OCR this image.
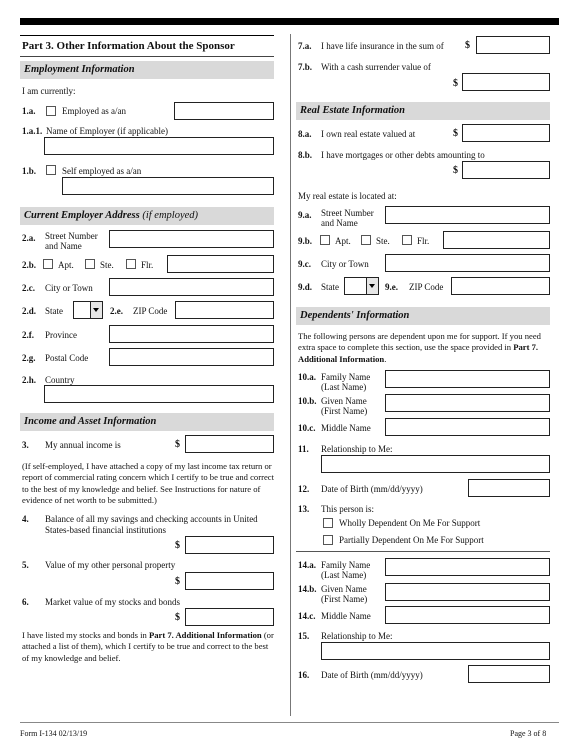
Part 3. Other Information About the Sponsor
Employment Information
I am currently:
1.a.	Employed as a/an
1.a.1. Name of Employer (if applicable)
1.b.	Self employed as a/an
Current Employer Address (if employed)
2.a. Street Number and Name
2.b. Apt.	Ste.	Flr.
2.c. City or Town
2.d. State	2.e. ZIP Code
2.f. Province
2.g. Postal Code
2.h. Country
Income and Asset Information
3. My annual income is	$
(If self-employed, I have attached a copy of my last income tax return or report of commercial rating concern which I certify to be true and correct to the best of my knowledge and belief. See Instructions for nature of evidence of net worth to be submitted.)
4. Balance of all my savings and checking accounts in United States-based financial institutions
$
5. Value of my other personal property
$
6. Market value of my stocks and bonds
$
I have listed my stocks and bonds in Part 7. Additional Information (or attached a list of them), which I certify to be true and correct to the best of my knowledge and belief.
7.a. I have life insurance in the sum of $
7.b. With a cash surrender value of
$
Real Estate Information
8.a. I own real estate valued at	$
8.b. I have mortgages or other debts amounting to
$
My real estate is located at:
9.a. Street Number and Name
9.b.	Apt.	Ste.	Flr.
9.c. City or Town
9.d. State	9.e. ZIP Code
Dependents' Information
The following persons are dependent upon me for support. If you need extra space to complete this section, use the space provided in Part 7. Additional Information.
10.a. Family Name (Last Name)
10.b. Given Name (First Name)
10.c. Middle Name
11. Relationship to Me:
12. Date of Birth (mm/dd/yyyy)
13. This person is:
Wholly Dependent On Me For Support
Partially Dependent On Me For Support
14.a. Family Name (Last Name)
14.b. Given Name (First Name)
14.c. Middle Name
15. Relationship to Me:
16. Date of Birth (mm/dd/yyyy)
Form I-134 02/13/19	Page 3 of 8
